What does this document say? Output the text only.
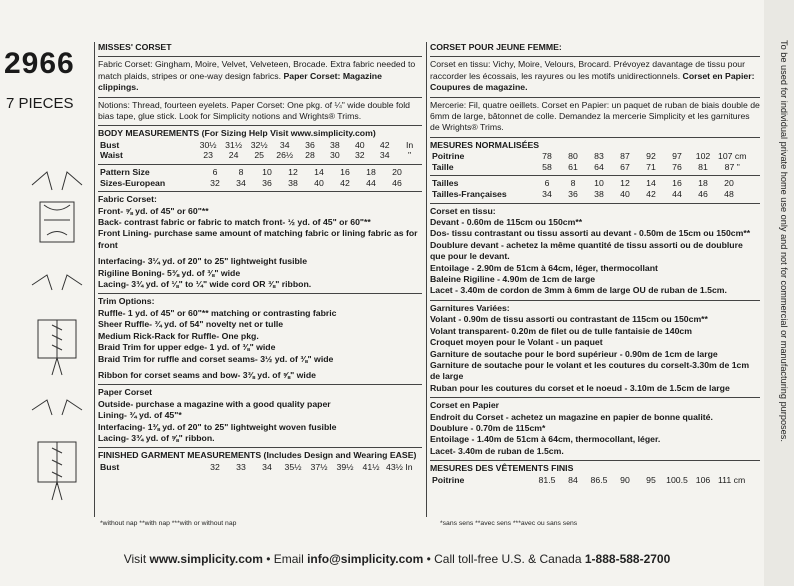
To be used for individual private home use only and not for commercial or manufacturing purposes.
2966
7 PIECES
MISSES' CORSET

Fabric Corset: Gingham, Moire, Velvet, Velveteen, Brocade. Extra fabric needed to match plaids, stripes or one-way design fabrics. Paper Corset: Magazine clippings.

Notions: Thread, fourteen eyelets. Paper Corset: One pkg. of ¼" wide double fold bias tape, glue stick. Look for Simplicity notions and Wrights® Trims.

BODY MEASUREMENTS (For Sizing Help Visit www.simplicity.com)
Bust	30½	31½	32½	34	36	38	40	42	In
Waist	23	24	25	26½	28	30	32	34	"
Pattern Size	6	8	10	12	14	16	18	20
Sizes-European	32	34	36	38	40	42	44	46
Fabric Corset:
Front- ⅝ yd. of 45" or 60"**
Back- contrast fabric or fabric to match front- ½ yd. of 45" or 60"**
Front Lining- purchase same amount of matching fabric or lining fabric as for front
Interfacing- 3¼ yd. of 20" to 25" lightweight fusible
Rigiline Boning- 5⅜ yd. of ⅜" wide
Lacing- 3¾ yd. of ⅛" to ¼" wide cord OR ⅜" ribbon.
Trim Options:
Ruffle- 1 yd. of 45" or 60"** matching or contrasting fabric
Sheer Ruffle- ¾ yd. of 54" novelty net or tulle
Medium Rick-Rack for Ruffle- One pkg.
Braid Trim for upper edge- 1 yd. of ⅜" wide
Braid Trim for ruffle and corset seams- 3½ yd. of ⅜" wide
Ribbon for corset seams and bow- 3⅜ yd. of ⅝" wide
Paper Corset
Outside- purchase a magazine with a good quality paper
Lining- ¾ yd. of 45"*
Interfacing- 1⅜ yd. of 20" to 25" lightweight woven fusible
Lacing- 3¾ yd. of ⅝" ribbon.
FINISHED GARMENT MEASUREMENTS (Includes Design and Wearing EASE)
Bust	32	33	34	35½	37½	39½	41½	43½ In
*without nap **with nap ***with or without nap
CORSET POUR JEUNE FEMME:

Corset en tissu: Vichy, Moire, Velours, Brocard. Prévoyez davantage de tissu pour raccorder les écossais, les rayures ou les motifs unidirectionnels. Corset en Papier: Coupures de magazine.

Mercerie: Fil, quatre oeillets. Corset en Papier: un paquet de ruban de biais double de 6mm de large, bâtonnet de colle. Demandez la mercerie Simplicity et les garnitures de Wrights® Trims.

MESURES NORMALISÉES
Poitrine	78	80	83	87	92	97	102	107 cm
Taille	58	61	64	67	71	76	81	87 "
Tailles	6	8	10	12	14	16	18	20
Tailles-Françaises	34	36	38	40	42	44	46	48
Corset en tissu:
Devant - 0.60m de 115cm ou 150cm**
Dos- tissu contrastant ou tissu assorti au devant - 0.50m de 15cm ou 150cm**
Doublure devant - achetez la même quantité de tissu assorti ou de doublure que pour le devant.
Entoilage - 2.90m de 51cm à 64cm, léger, thermocollant
Baleine Rigiline - 4.90m de 1cm de large
Lacet - 3.40m de cordon de 3mm à 6mm de large OU de ruban de 1.5cm.
Garnitures Variées:
Volant - 0.90m de tissu assorti ou contrastant de 115cm ou 150cm**
Volant transparent- 0.20m de filet ou de tulle fantaisie de 140cm
Croquet moyen pour le Volant - un paquet
Garniture de soutache pour le bord supérieur - 0.90m de 1cm de large
Garniture de soutache pour le volant et les coutures du corselt-3.30m de 1cm de large
Ruban pour les coutures du corset et le noeud - 3.10m de 1.5cm de large
Corset en Papier
Endroit du Corset - achetez un magazine en papier de bonne qualité.
Doublure - 0.70m de 115cm*
Entoilage - 1.40m de 51cm à 64cm, thermocollant, léger.
Lacet- 3.40m de ruban de 1.5cm.
MESURES DES VÊTEMENTS FINIS
Poitrine	81.5	84	86.5	90	95	100.5	106	111 cm
*sans sens **avec sens ***avec ou sans sens
Visit www.simplicity.com • Email info@simplicity.com • Call toll-free U.S. & Canada 1-888-588-2700
